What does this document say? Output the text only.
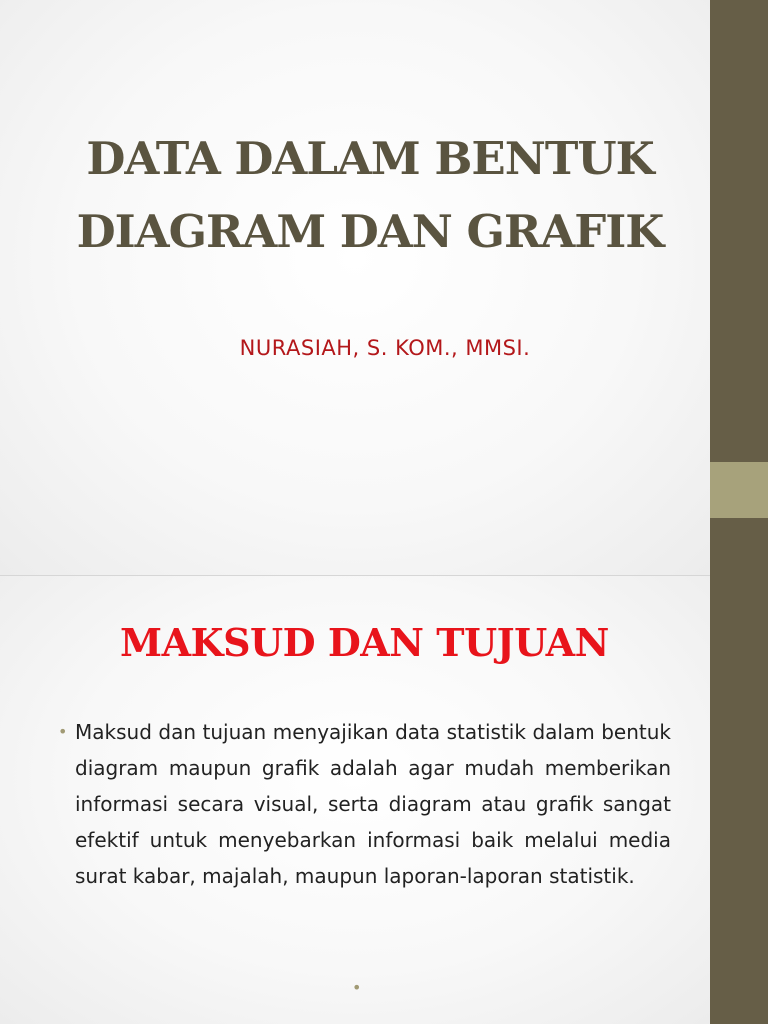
DATA DALAM BENTUK
DIAGRAM DAN GRAFIK

NURASIAH, S. KOM., MMSI.

MAKSUD DAN TUJUAN
• Maksud dan tujuan menyajikan data statistik dalam bentuk diagram maupun grafik adalah agar mudah memberikan informasi secara visual, serta diagram atau grafik sangat efektif untuk menyebarkan informasi baik melalui media surat kabar, majalah, maupun laporan-laporan statistik.

•
